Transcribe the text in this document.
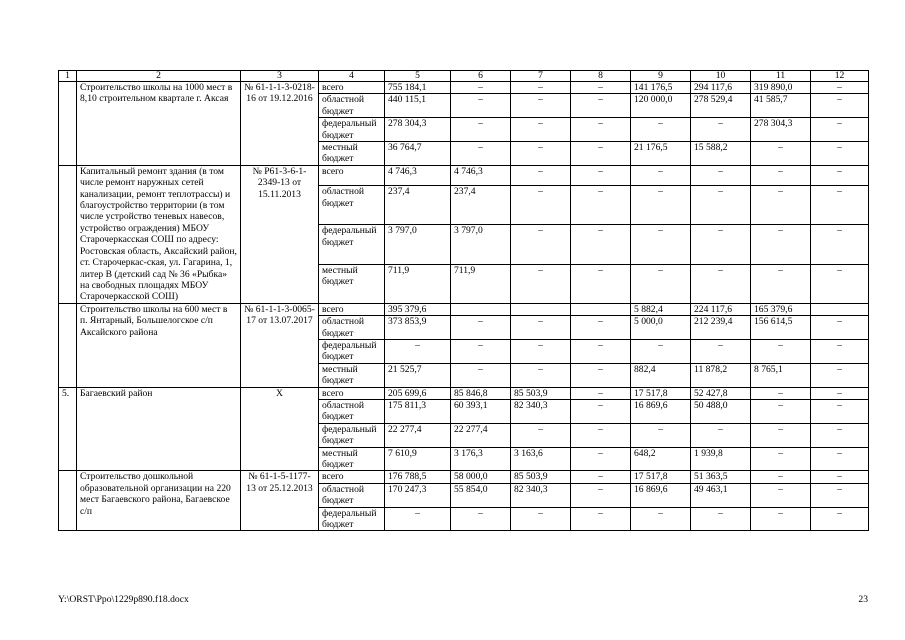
1	2	3	4	5	6	7	8	9	10	11	12
	Строительство школы на 1000 мест в 8,10 строительном квартале г. Аксая	№ 61-1-1-3-0218-16 от 19.12.2016	всего	755 184,1	–	–	–	141 176,5	294 117,6	319 890,0	–
			областной бюджет	440 115,1	–	–	–	120 000,0	278 529,4	41 585,7	–
			федеральный бюджет	278 304,3	–	–	–	–	–	278 304,3	–
			местный бюджет	36 764,7	–	–	–	21 176,5	15 588,2	–	–
	Капитальный ремонт здания (в том числе ремонт наружных сетей канализации, ремонт теплотрассы) и благоустройство территории (в том числе устройство теневых навесов, устройство ограждения) МБОУ Старочеркасская СОШ по адресу: Ростовская область, Аксайский район, ст. Старочеркас-ская, ул. Гагарина, 1, литер В (детский сад № 36 «Рыбка» на свободных площадях МБОУ Старочеркасской СОШ)	№ Р61-3-6-1-2349-13 от 15.11.2013	всего	4 746,3	4 746,3	–	–	–	–	–	–
			областной бюджет	237,4	237,4	–	–	–	–	–	–
			федеральный бюджет	3 797,0	3 797,0	–	–	–	–	–	–
			местный бюджет	711,9	711,9	–	–	–	–	–	–
	Строительство школы на 600 мест в п. Янтарный, Большелогское с/п Аксайского района	№ 61-1-1-3-0065-17 от 13.07.2017	всего	395 379,6				5 882,4	224 117,6	165 379,6	
			областной бюджет	373 853,9	–	–	–	5 000,0	212 239,4	156 614,5	–
			федеральный бюджет	–	–	–	–	–	–	–	–
			местный бюджет	21 525,7	–	–	–	882,4	11 878,2	8 765,1	–
5.	Багаевский район	Х	всего	205 699,6	85 846,8	85 503,9	–	17 517,8	52 427,8	–	–
			областной бюджет	175 811,3	60 393,1	82 340,3	–	16 869,6	50 488,0	–	–
			федеральный бюджет	22 277,4	22 277,4	–	–	–	–	–	–
			местный бюджет	7 610,9	3 176,3	3 163,6	–	648,2	1 939,8	–	–
	Строительство дошкольной образовательной организации на 220 мест Багаевского района, Багаевское с/п	№ 61-1-5-1177-13 от 25.12.2013	всего	176 788,5	58 000,0	85 503,9	–	17 517,8	51 363,5	–	–
			областной бюджет	170 247,3	55 854,0	82 340,3	–	16 869,6	49 463,1	–	–
			федеральный бюджет	–	–	–	–	–	–	–	–
Y:\ORST\Ppo\1229p890.f18.docx	23
